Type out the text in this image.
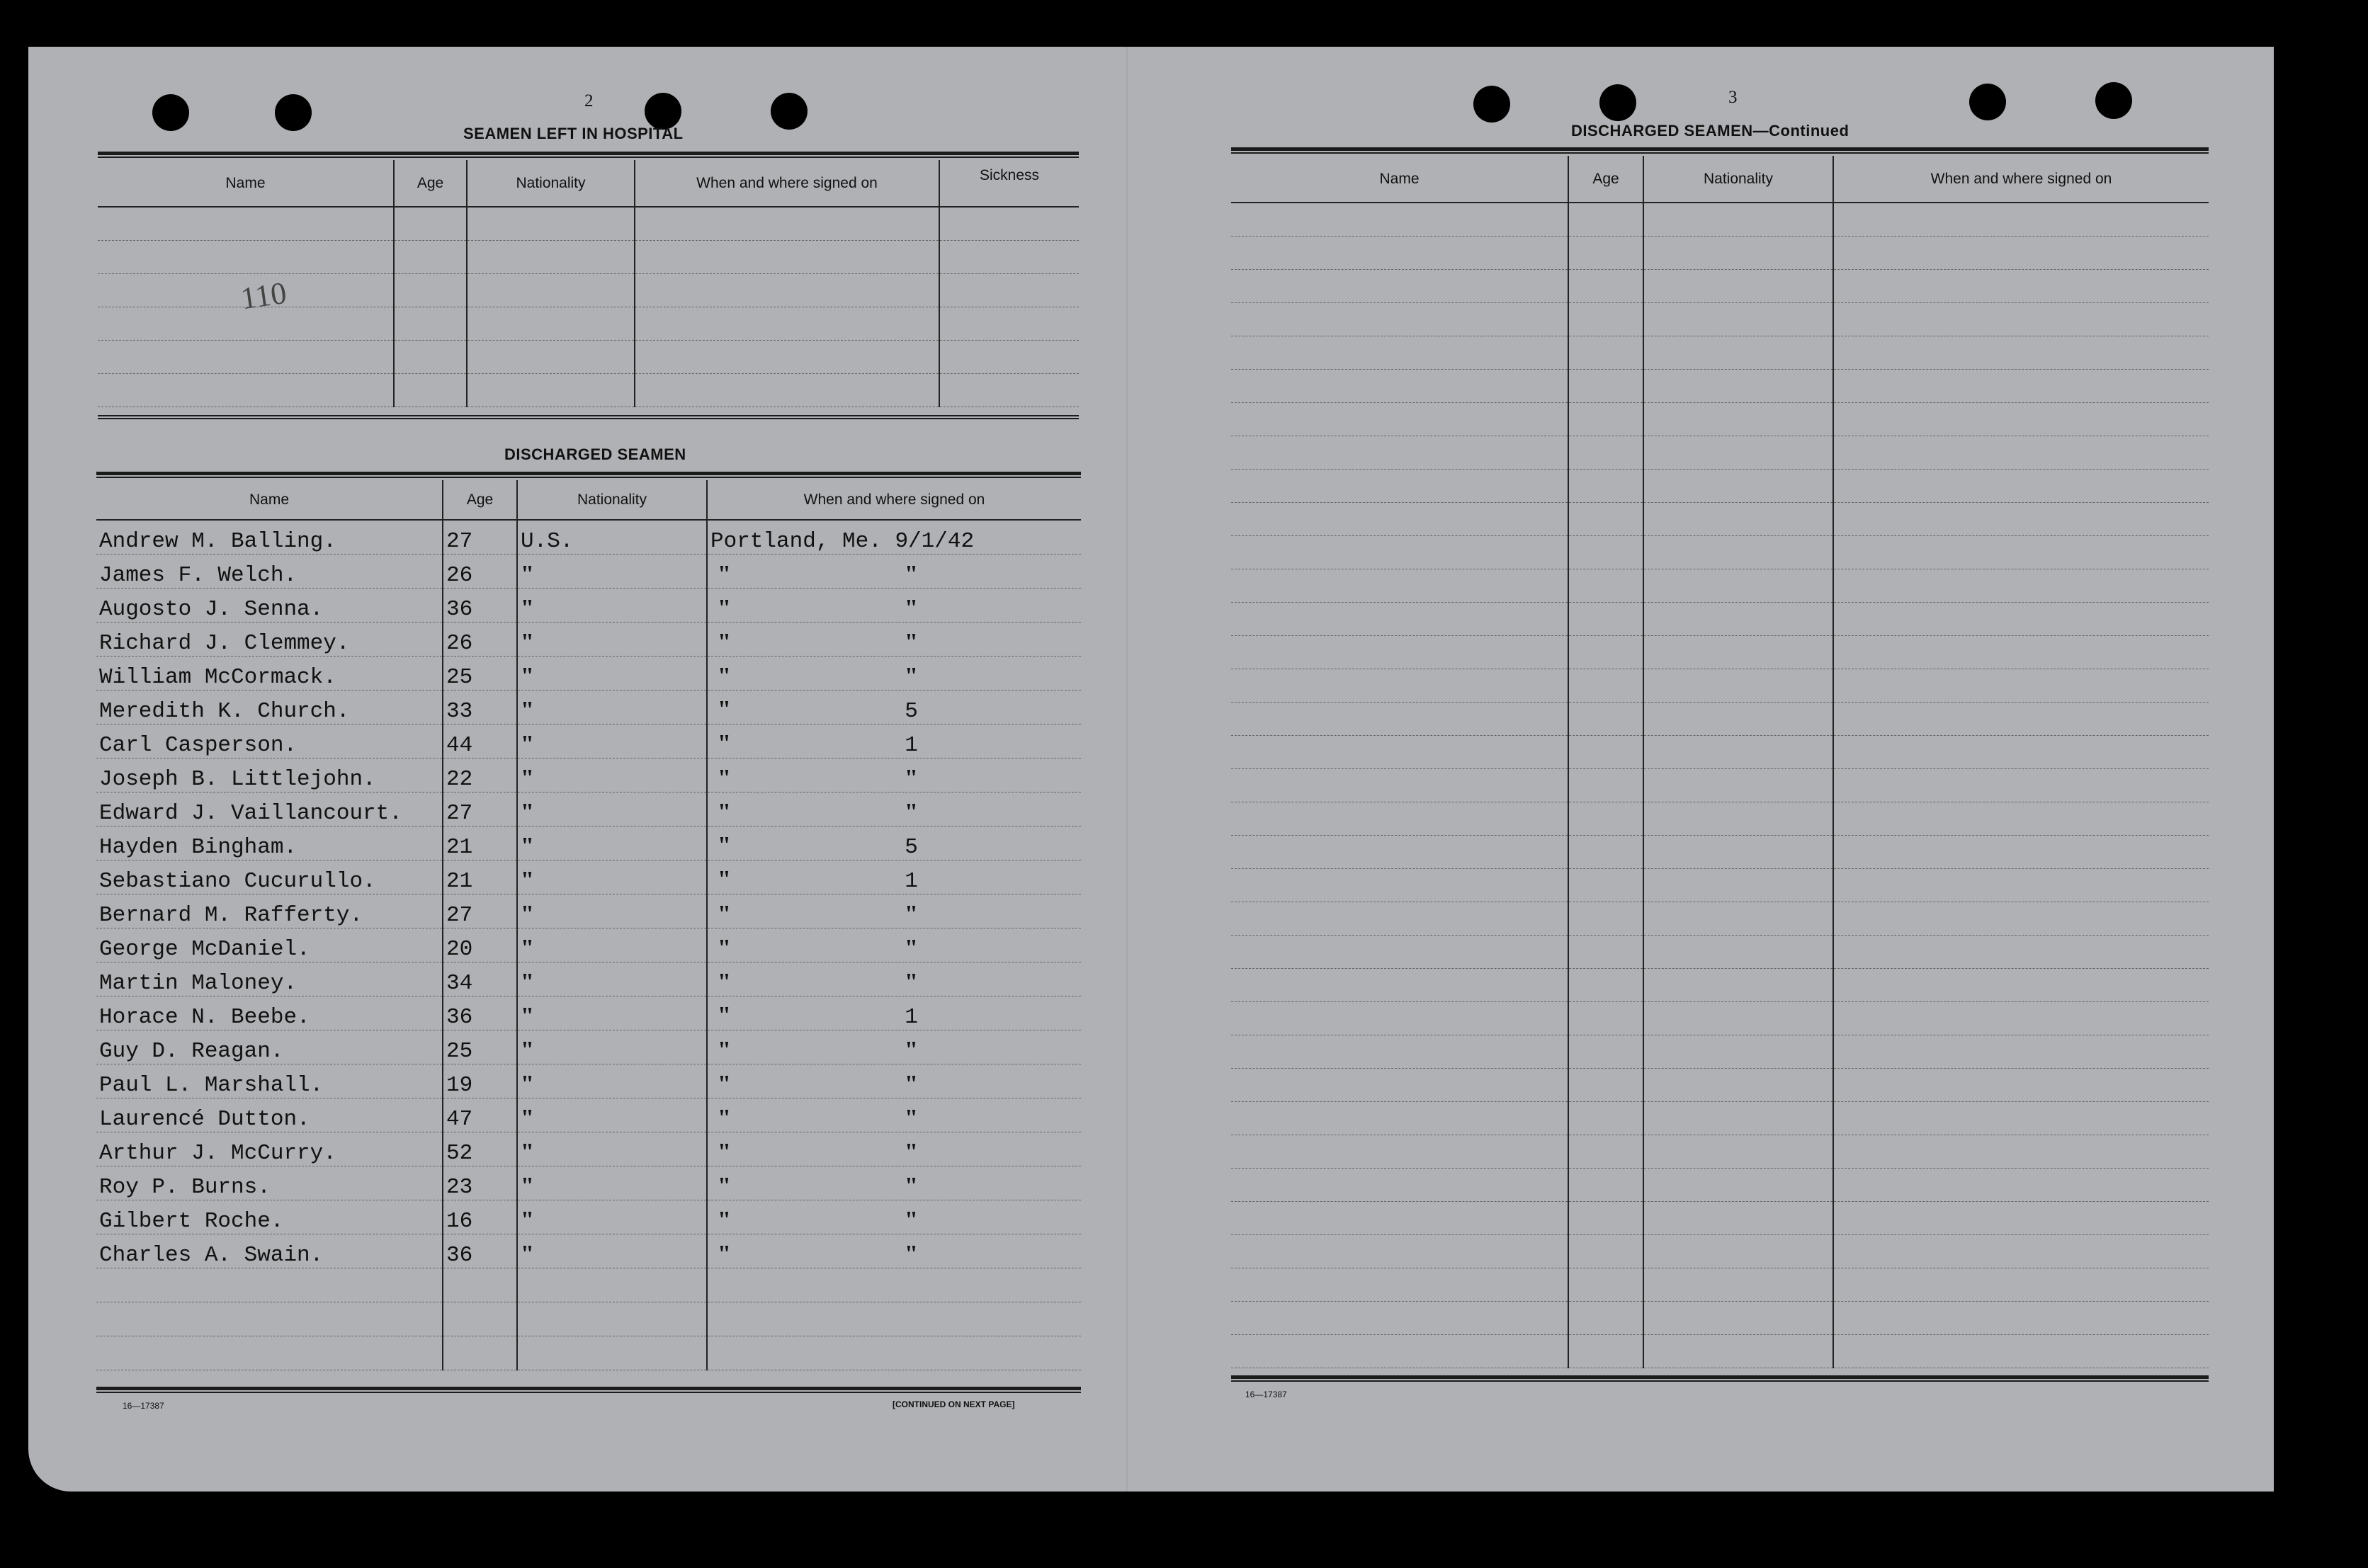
2
SEAMEN LEFT IN HOSPITAL
Name	Age	Nationality	When and where signed on	Sickness

110
DISCHARGED SEAMEN
Name	Age	Nationality	When and where signed on
Andrew M. Balling.	27	U.S.	Portland, Me. 9/1/42
James F. Welch.	26	"	" "
Augosto J. Senna.	36	"	" "
Richard J. Clemmey.	26	"	" "
William McCormack.	25	"	" "
Meredith K. Church.	33	"	" 5
Carl Casperson.	44	"	" 1
Joseph B. Littlejohn.	22	"	" "
Edward J. Vaillancourt.	27	"	" "
Hayden Bingham.	21	"	" 5
Sebastiano Cucurullo.	21	"	" 1
Bernard M. Rafferty.	27	"	" "
George McDaniel.	20	"	" "
Martin Maloney.	34	"	" "
Horace N. Beebe.	36	"	" 1
Guy D. Reagan.	25	"	" "
Paul L. Marshall.	19	"	" "
Laurencé Dutton.	47	"	" "
Arthur J. McCurry.	52	"	" "
Roy P. Burns.	23	"	" "
Gilbert Roche.	16	"	" "
Charles A. Swain.	36	"	" "

16—17387	[CONTINUED ON NEXT PAGE]
3
DISCHARGED SEAMEN—Continued
Name	Age	Nationality	When and where signed on

16—17387
